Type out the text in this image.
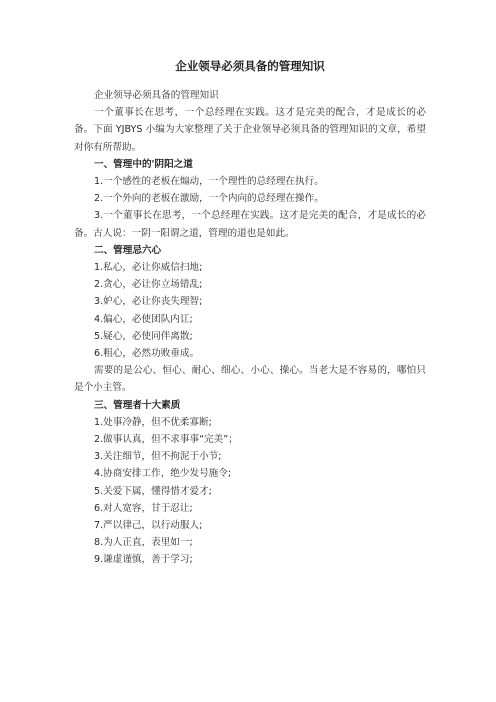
企业领导必须具备的管理知识
企业领导必须具备的管理知识
一个董事长在思考，一个总经理在实践。这才是完美的配合，才是成长的必备。下面 YJBYS 小编为大家整理了关于企业领导必须具备的管理知识的文章，希望对你有所帮助。
一、管理中的'阴阳之道
1.一个感性的老板在煽动，一个理性的总经理在执行。
2.一个外向的老板在激励，一个内向的总经理在操作。
3.一个董事长在思考，一个总经理在实践。这才是完美的配合，才是成长的必备。古人说：一阴一阳谓之道，管理的道也是如此。
二、管理忌六心
1.私心，必让你威信扫地;
2.贪心，必让你立场错乱;
3.妒心，必让你丧失理智;
4.偏心，必使团队内讧;
5.疑心，必使同伴离散;
6.粗心，必然功败垂成。
需要的是公心、恒心、耐心、细心、小心、操心。当老大是不容易的，哪怕只是个小主管。
三、管理者十大素质
1.处事冷静，但不优柔寡断;
2.做事认真，但不求事事“完美”；
3.关注细节，但不拘泥于小节;
4.协商安排工作，绝少发号施令;
5.关爱下属，懂得惜才爱才;
6.对人宽容，甘于忍让;
7.严以律己，以行动服人;
8.为人正直，表里如一;
9.谦虚谨慎，善于学习;
